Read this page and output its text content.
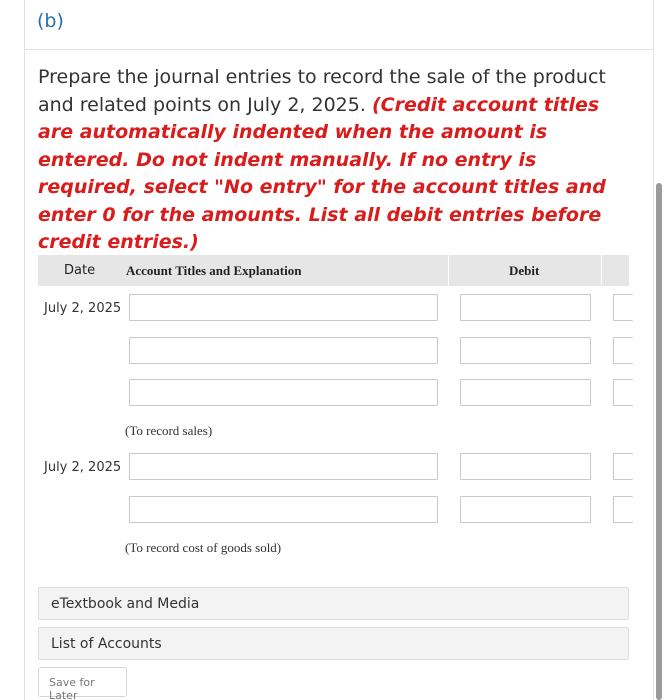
(b)
Prepare the journal entries to record the sale of the product and related points on July 2, 2025. (Credit account titles are automatically indented when the amount is entered. Do not indent manually. If no entry is required, select "No entry" for the account titles and enter 0 for the amounts. List all debit entries before credit entries.)
Date Account Titles and Explanation	Debit
July 2, 2025
(To record sales)
July 2, 2025
(To record cost of goods sold)
eTextbook and Media
List of Accounts
Save for Later
